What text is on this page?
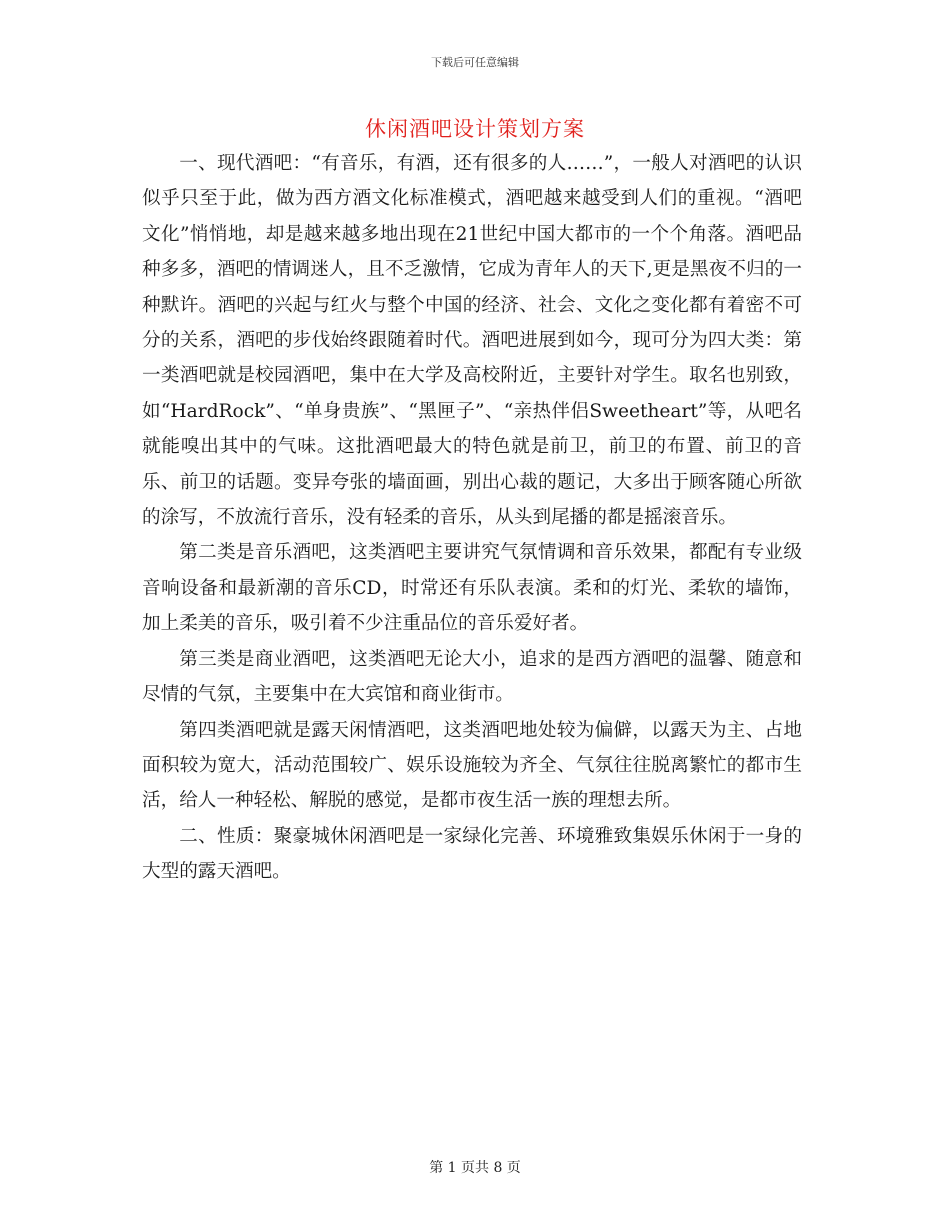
下载后可任意编辑
休闲酒吧设计策划方案

一、现代酒吧：“有音乐，有酒，还有很多的人……”，一般人对酒吧的认识似乎只至于此，做为西方酒文化标准模式，酒吧越来越受到人们的重视。“酒吧文化”悄悄地，却是越来越多地出现在21世纪中国大都市的一个个角落。酒吧品种多多，酒吧的情调迷人，且不乏激情，它成为青年人的天下,更是黑夜不归的一种默许。酒吧的兴起与红火与整个中国的经济、社会、文化之变化都有着密不可分的关系，酒吧的步伐始终跟随着时代。酒吧进展到如今，现可分为四大类：第一类酒吧就是校园酒吧，集中在大学及高校附近，主要针对学生。取名也别致，如“HardRock”、“单身贵族”、“黑匣子”、“亲热伴侣Sweetheart”等，从吧名就能嗅出其中的气味。这批酒吧最大的特色就是前卫，前卫的布置、前卫的音乐、前卫的话题。变异夸张的墙面画，别出心裁的题记，大多出于顾客随心所欲的涂写，不放流行音乐，没有轻柔的音乐，从头到尾播的都是摇滚音乐。

第二类是音乐酒吧，这类酒吧主要讲究气氛情调和音乐效果，都配有专业级音响设备和最新潮的音乐CD，时常还有乐队表演。柔和的灯光、柔软的墙饰，加上柔美的音乐，吸引着不少注重品位的音乐爱好者。

第三类是商业酒吧，这类酒吧无论大小，追求的是西方酒吧的温馨、随意和尽情的气氛，主要集中在大宾馆和商业街市。

第四类酒吧就是露天闲情酒吧，这类酒吧地处较为偏僻，以露天为主、占地面积较为宽大，活动范围较广、娱乐设施较为齐全、气氛往往脱离繁忙的都市生活，给人一种轻松、解脱的感觉，是都市夜生活一族的理想去所。

二、性质：聚豪城休闲酒吧是一家绿化完善、环境雅致集娱乐休闲于一身的大型的露天酒吧。

第 1 页共 8 页
